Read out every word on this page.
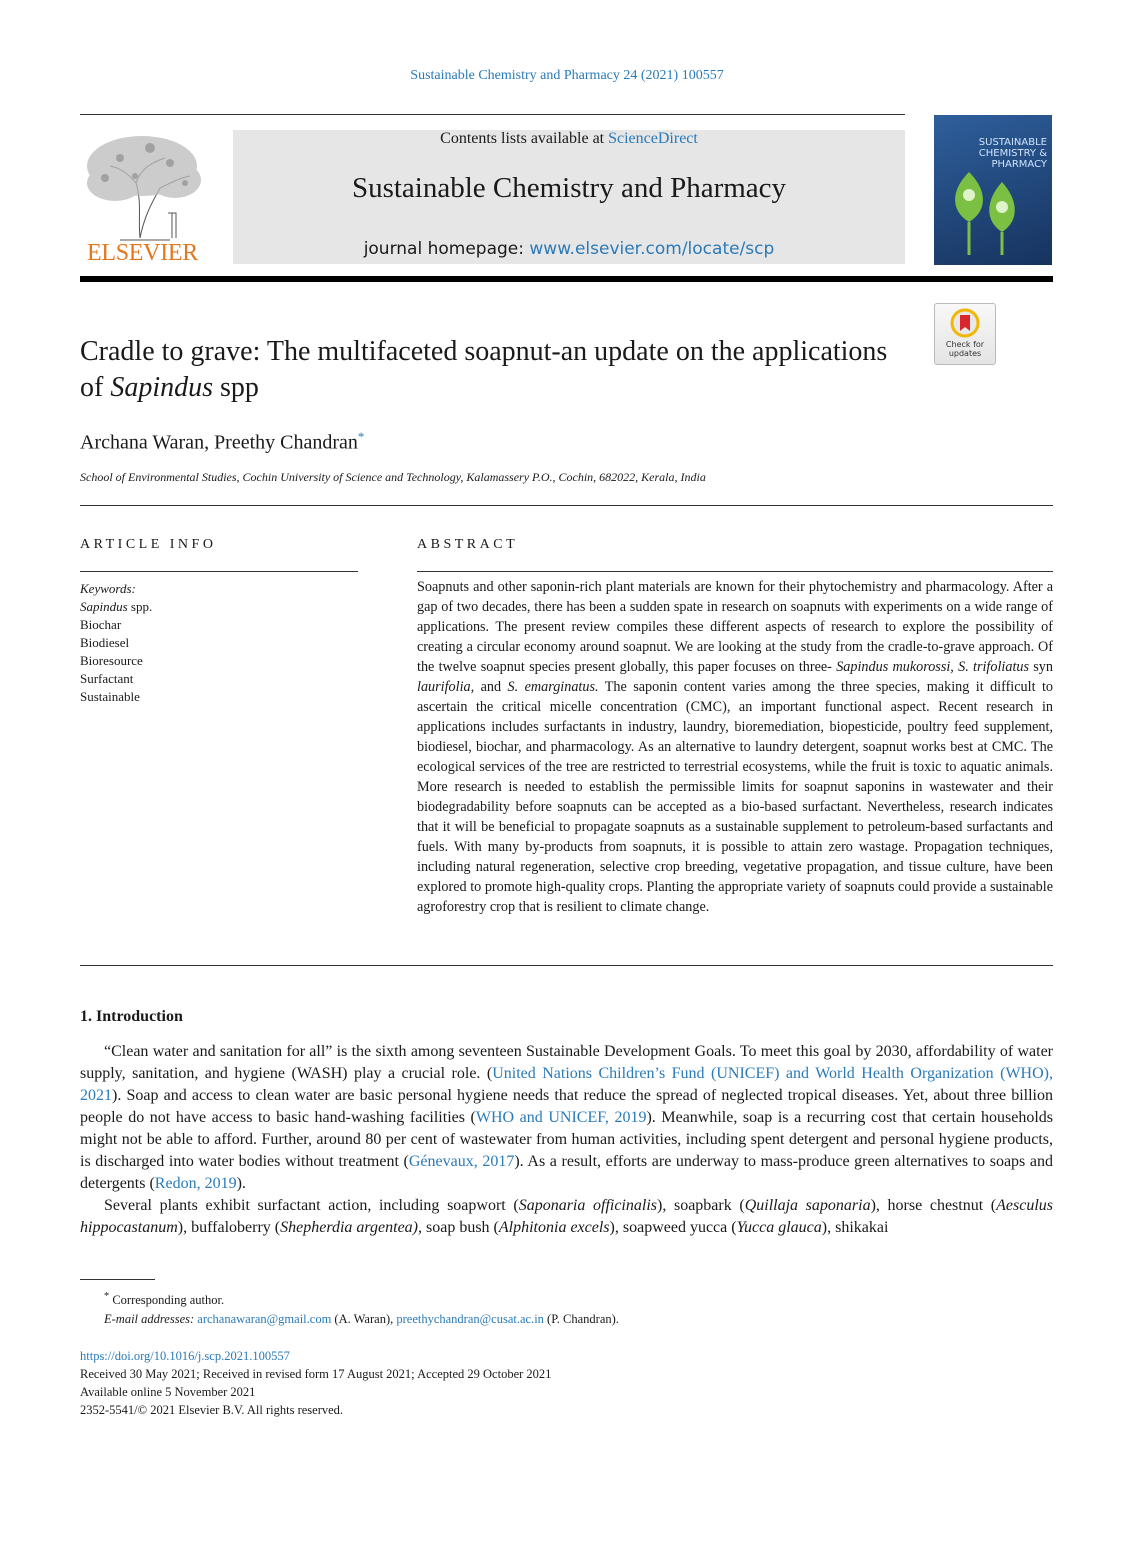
Sustainable Chemistry and Pharmacy 24 (2021) 100557
ELSEVIER
Contents lists available at ScienceDirect
Sustainable Chemistry and Pharmacy
journal homepage: www.elsevier.com/locate/scp
SUSTAINABLE CHEMISTRY & PHARMACY
Check for updates
Cradle to grave: The multifaceted soapnut-an update on the applications of Sapindus spp
Archana Waran, Preethy Chandran*
School of Environmental Studies, Cochin University of Science and Technology, Kalamassery P.O., Cochin, 682022, Kerala, India
ARTICLE INFO	ABSTRACT
Keywords:
Sapindus spp.
Biochar
Biodiesel
Bioresource
Surfactant
Sustainable
Soapnuts and other saponin-rich plant materials are known for their phytochemistry and pharmacology. After a gap of two decades, there has been a sudden spate in research on soapnuts with experiments on a wide range of applications. The present review compiles these different aspects of research to explore the possibility of creating a circular economy around soapnut. We are looking at the study from the cradle-to-grave approach. Of the twelve soapnut species present globally, this paper focuses on three- Sapindus mukorossi, S. trifoliatus syn laurifolia, and S. emarginatus. The saponin content varies among the three species, making it difficult to ascertain the critical micelle concentration (CMC), an important functional aspect. Recent research in applications includes surfactants in industry, laundry, bioremediation, biopesticide, poultry feed supplement, biodiesel, biochar, and pharmacology. As an alternative to laundry detergent, soapnut works best at CMC. The ecological services of the tree are restricted to terrestrial ecosystems, while the fruit is toxic to aquatic animals. More research is needed to establish the permissible limits for soapnut saponins in wastewater and their biodegradability before soapnuts can be accepted as a bio-based surfactant. Nevertheless, research indicates that it will be beneficial to propagate soapnuts as a sustainable supplement to petroleum-based surfactants and fuels. With many by-products from soapnuts, it is possible to attain zero wastage. Propagation techniques, including natural regeneration, selective crop breeding, vegetative propagation, and tissue culture, have been explored to promote high-quality crops. Planting the appropriate variety of soapnuts could provide a sustainable agroforestry crop that is resilient to climate change.
1. Introduction

“Clean water and sanitation for all” is the sixth among seventeen Sustainable Development Goals. To meet this goal by 2030, affordability of water supply, sanitation, and hygiene (WASH) play a crucial role. (United Nations Children’s Fund (UNICEF) and World Health Organization (WHO), 2021). Soap and access to clean water are basic personal hygiene needs that reduce the spread of neglected tropical diseases. Yet, about three billion people do not have access to basic hand-washing facilities (WHO and UNICEF, 2019). Meanwhile, soap is a recurring cost that certain households might not be able to afford. Further, around 80 per cent of wastewater from human activities, including spent detergent and personal hygiene products, is discharged into water bodies without treatment (Génevaux, 2017). As a result, efforts are underway to mass-produce green alternatives to soaps and detergents (Redon, 2019).

Several plants exhibit surfactant action, including soapwort (Saponaria officinalis), soapbark (Quillaja saponaria), horse chestnut (Aesculus hippocastanum), buffaloberry (Shepherdia argentea), soap bush (Alphitonia excels), soapweed yucca (Yucca glauca), shikakai

* Corresponding author.
E-mail addresses: archanawaran@gmail.com (A. Waran), preethychandran@cusat.ac.in (P. Chandran).
https://doi.org/10.1016/j.scp.2021.100557
Received 30 May 2021; Received in revised form 17 August 2021; Accepted 29 October 2021
Available online 5 November 2021
2352-5541/© 2021 Elsevier B.V. All rights reserved.
